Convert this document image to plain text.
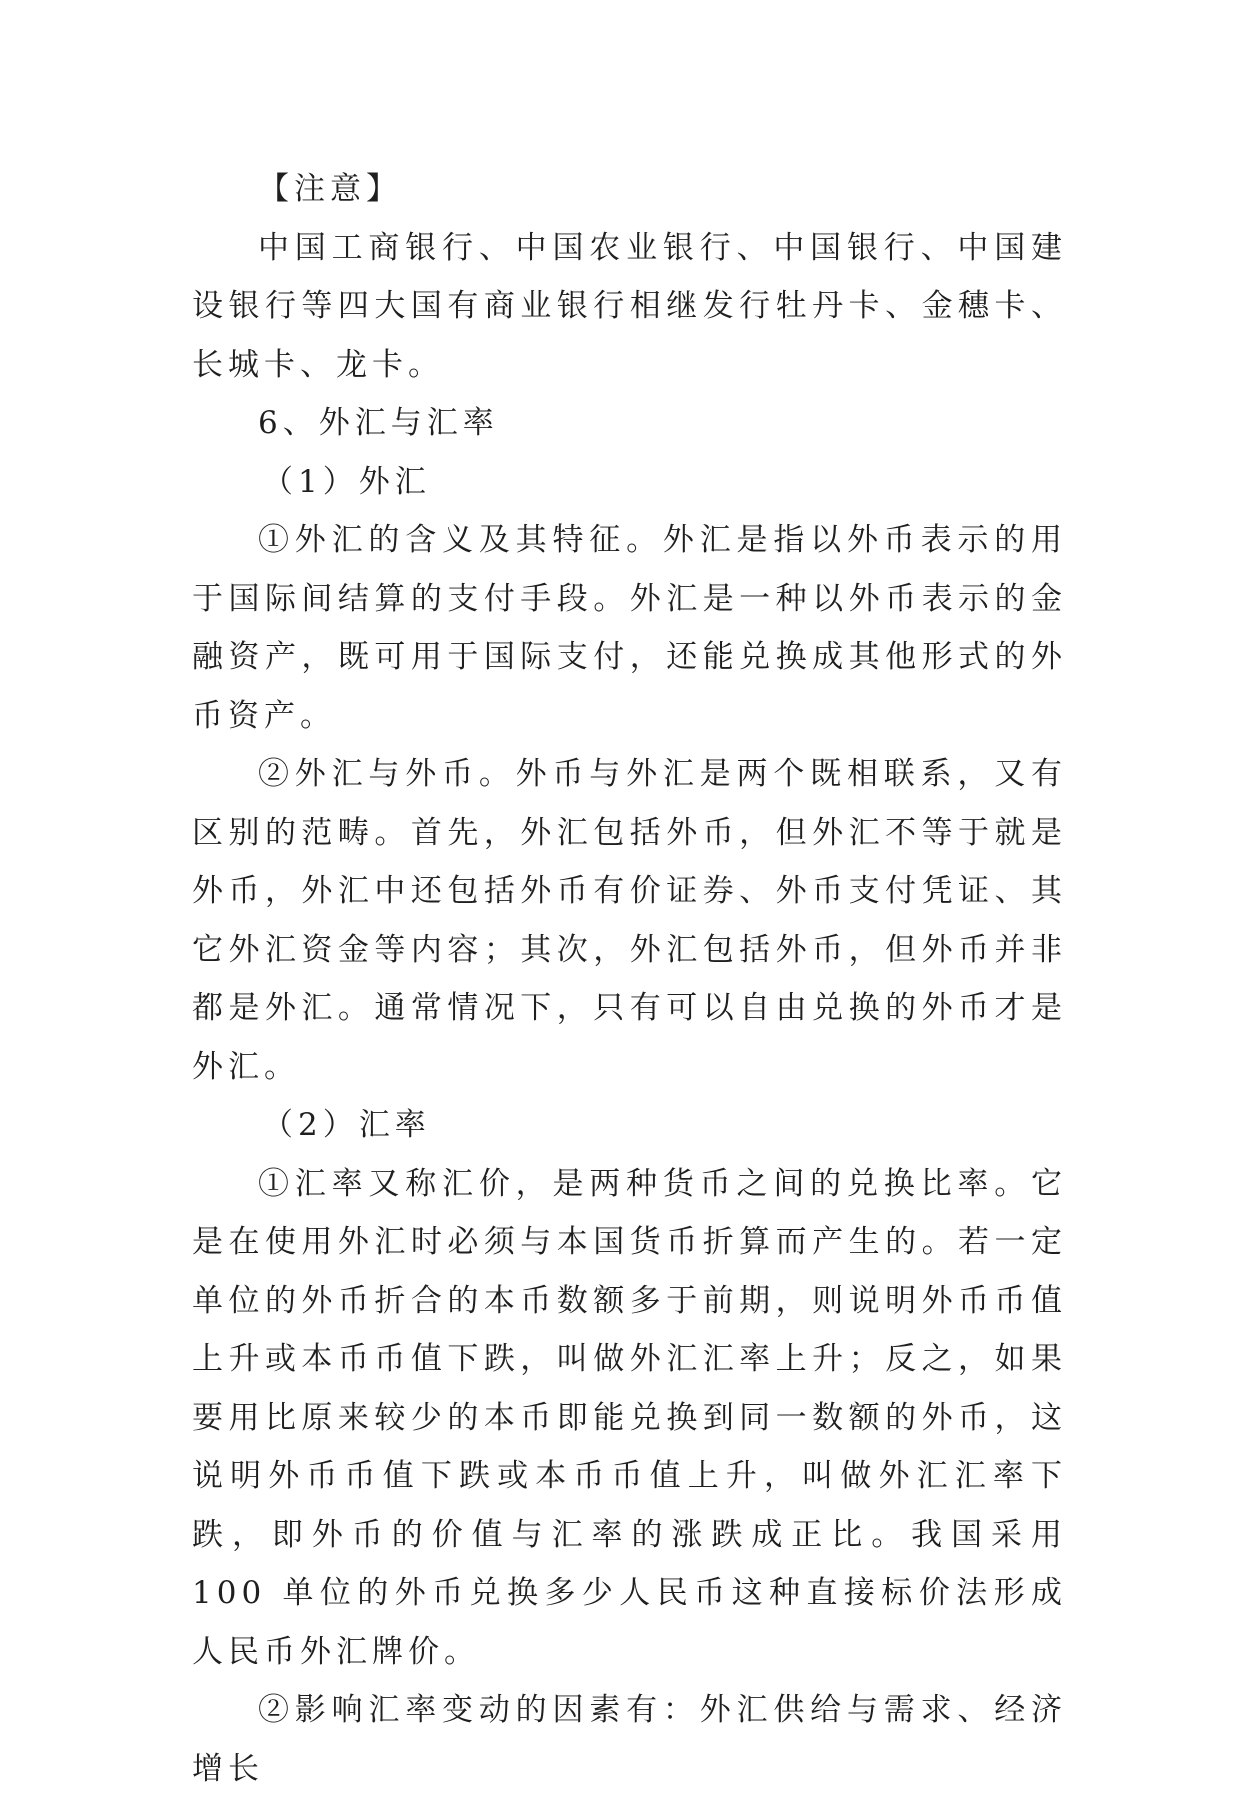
【注意】

中国工商银行、中国农业银行、中国银行、中国建设银行等四大国有商业银行相继发行牡丹卡、金穗卡、长城卡、龙卡。

6、外汇与汇率

（1）外汇

①外汇的含义及其特征。外汇是指以外币表示的用于国际间结算的支付手段。外汇是一种以外币表示的金融资产，既可用于国际支付，还能兑换成其他形式的外币资产。

②外汇与外币。外币与外汇是两个既相联系，又有区别的范畴。首先，外汇包括外币，但外汇不等于就是外币，外汇中还包括外币有价证券、外币支付凭证、其它外汇资金等内容；其次，外汇包括外币，但外币并非都是外汇。通常情况下，只有可以自由兑换的外币才是外汇。

（2）汇率

①汇率又称汇价，是两种货币之间的兑换比率。它是在使用外汇时必须与本国货币折算而产生的。若一定单位的外币折合的本币数额多于前期，则说明外币币值上升或本币币值下跌，叫做外汇汇率上升；反之，如果要用比原来较少的本币即能兑换到同一数额的外币，这说明外币币值下跌或本币币值上升，叫做外汇汇率下跌，即外币的价值与汇率的涨跌成正比。我国采用 100 单位的外币兑换多少人民币这种直接标价法形成人民币外汇牌价。

②影响汇率变动的因素有：外汇供给与需求、经济增长
